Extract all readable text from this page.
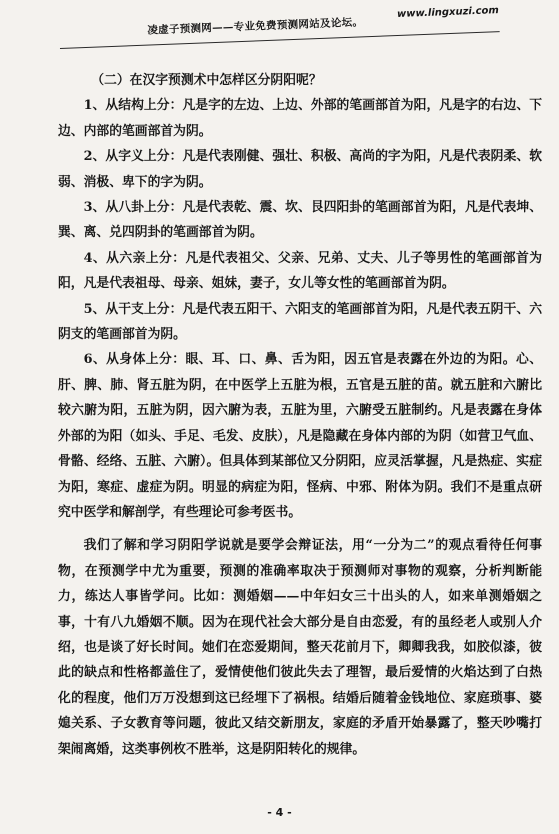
凌虚子预测网——专业免费预测网站及论坛。
www.lingxuzi.com

（二）在汉字预测术中怎样区分阴阳呢？

1、从结构上分：凡是字的左边、上边、外部的笔画部首为阳，凡是字的右边、下边、内部的笔画部首为阴。

2、从字义上分：凡是代表刚健、强壮、积极、高尚的字为阳，凡是代表阴柔、软弱、消极、卑下的字为阴。

3、从八卦上分：凡是代表乾、震、坎、艮四阳卦的笔画部首为阳，凡是代表坤、巽、离、兑四阴卦的笔画部首为阴。

4、从六亲上分：凡是代表祖父、父亲、兄弟、丈夫、儿子等男性的笔画部首为阳，凡是代表祖母、母亲、姐妹，妻子，女儿等女性的笔画部首为阴。

5、从干支上分：凡是代表五阳干、六阳支的笔画部首为阳，凡是代表五阴干、六阴支的笔画部首为阴。

6、从身体上分：眼、耳、口、鼻、舌为阳，因五官是表露在外边的为阳。心、肝、脾、肺、肾五脏为阴，在中医学上五脏为根，五官是五脏的苗。就五脏和六腑比较六腑为阳，五脏为阴，因六腑为表，五脏为里，六腑受五脏制约。凡是表露在身体外部的为阳（如头、手足、毛发、皮肤），凡是隐藏在身体内部的为阴（如营卫气血、骨骼、经络、五脏、六腑）。但具体到某部位又分阴阳，应灵活掌握，凡是热症、实症为阳，寒症、虚症为阴。明显的病症为阳，怪病、中邪、附体为阴。我们不是重点研究中医学和解剖学，有些理论可参考医书。

我们了解和学习阴阳学说就是要学会辩证法，用“一分为二”的观点看待任何事物，在预测学中尤为重要，预测的准确率取决于预测师对事物的观察，分析判断能力，练达人事皆学问。比如：测婚姻——中年妇女三十出头的人，如来单测婚姻之事，十有八九婚姻不顺。因为在现代社会大部分是自由恋爱，有的虽经老人或别人介绍，也是谈了好长时间。她们在恋爱期间，整天花前月下，卿卿我我，如胶似漆，彼此的缺点和性格都盖住了，爱情使他们彼此失去了理智，最后爱情的火焰达到了白热化的程度，他们万万没想到这已经埋下了祸根。结婚后随着金钱地位、家庭琐事、婆媳关系、子女教育等问题，彼此又结交新朋友，家庭的矛盾开始暴露了，整天吵嘴打架闹离婚，这类事例枚不胜举，这是阴阳转化的规律。

- 4 -
